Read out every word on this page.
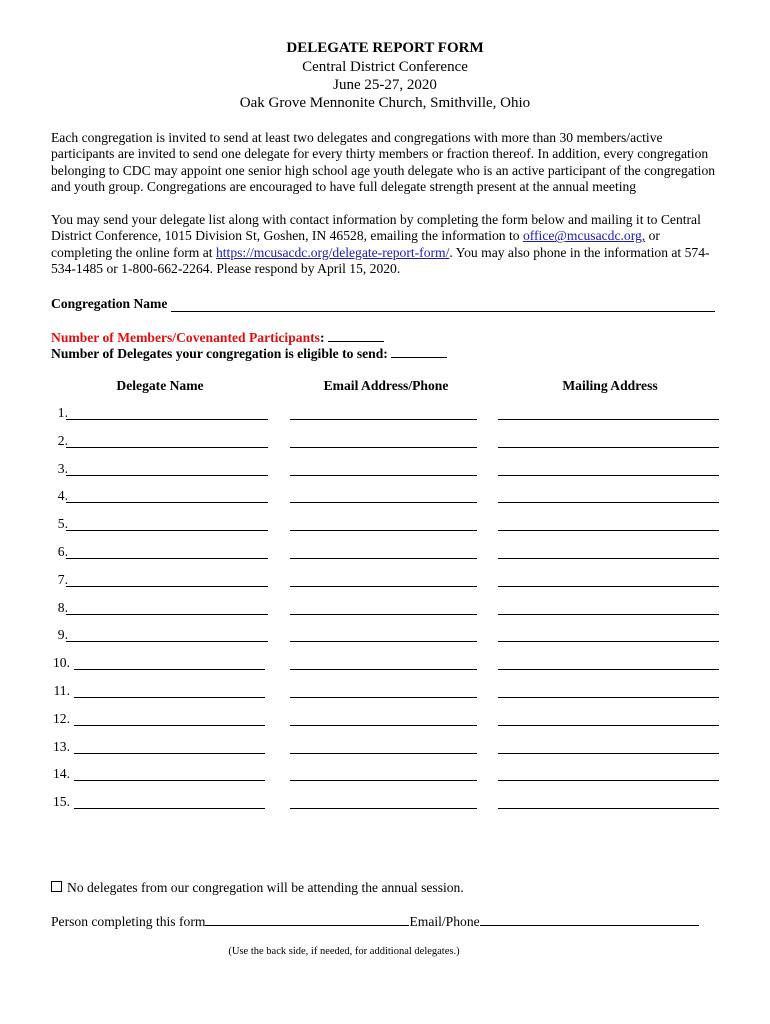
DELEGATE REPORT FORM
Central District Conference
June 25-27, 2020
Oak Grove Mennonite Church, Smithville, Ohio
Each congregation is invited to send at least two delegates and congregations with more than 30 members/active participants are invited to send one delegate for every thirty members or fraction thereof. In addition, every congregation belonging to CDC may appoint one senior high school age youth delegate who is an active participant of the congregation and youth group. Congregations are encouraged to have full delegate strength present at the annual meeting
You may send your delegate list along with contact information by completing the form below and mailing it to Central District Conference, 1015 Division St, Goshen, IN 46528, emailing the information to office@mcusacdc.org, or completing the online form at https://mcusacdc.org/delegate-report-form/. You may also phone in the information at 574-534-1485 or 1-800-662-2264. Please respond by April 15, 2020.
Congregation Name
Number of Members/Covenanted Participants:
Number of Delegates your congregation is eligible to send:
Delegate Name	Email Address/Phone	Mailing Address
1.
2.
3.
4.
5.
6.
7.
8.
9.
10.
11.
12.
13.
14.
15.
No delegates from our congregation will be attending the annual session.
Person completing this form	Email/Phone
(Use the back side, if needed, for additional delegates.)
